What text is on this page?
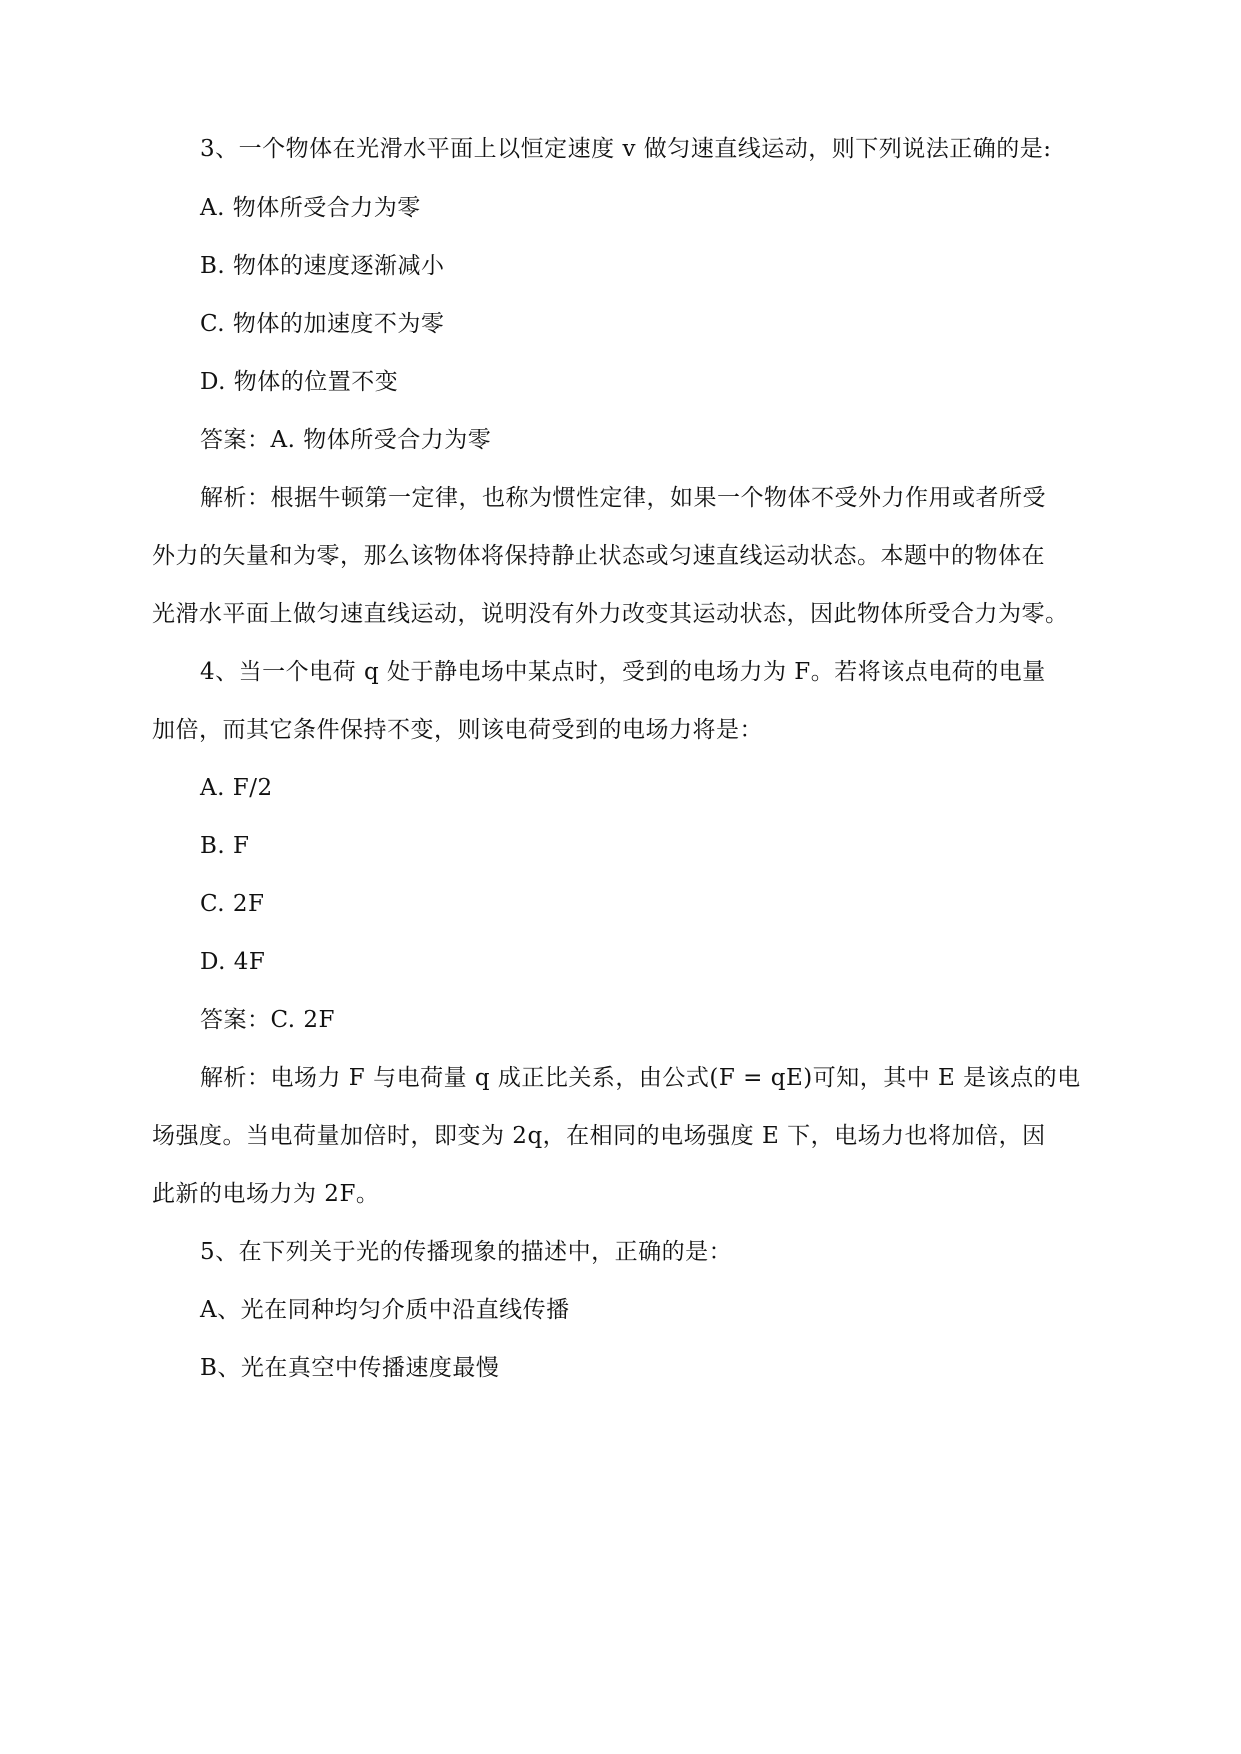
3、一个物体在光滑水平面上以恒定速度 v 做匀速直线运动，则下列说法正确的是:
A. 物体所受合力为零
B. 物体的速度逐渐减小
C. 物体的加速度不为零
D. 物体的位置不变
答案：A. 物体所受合力为零
解析：根据牛顿第一定律，也称为惯性定律，如果一个物体不受外力作用或者所受
外力的矢量和为零，那么该物体将保持静止状态或匀速直线运动状态。本题中的物体在
光滑水平面上做匀速直线运动，说明没有外力改变其运动状态，因此物体所受合力为零。
4、当一个电荷 q 处于静电场中某点时，受到的电场力为 F。若将该点电荷的电量
加倍，而其它条件保持不变，则该电荷受到的电场力将是：
A. F/2
B. F
C. 2F
D. 4F
答案：C. 2F
解析：电场力 F 与电荷量 q 成正比关系，由公式(F = qE)可知，其中 E 是该点的电
场强度。当电荷量加倍时，即变为 2q，在相同的电场强度 E 下，电场力也将加倍，因
此新的电场力为 2F。
5、在下列关于光的传播现象的描述中，正确的是：
A、光在同种均匀介质中沿直线传播
B、光在真空中传播速度最慢
